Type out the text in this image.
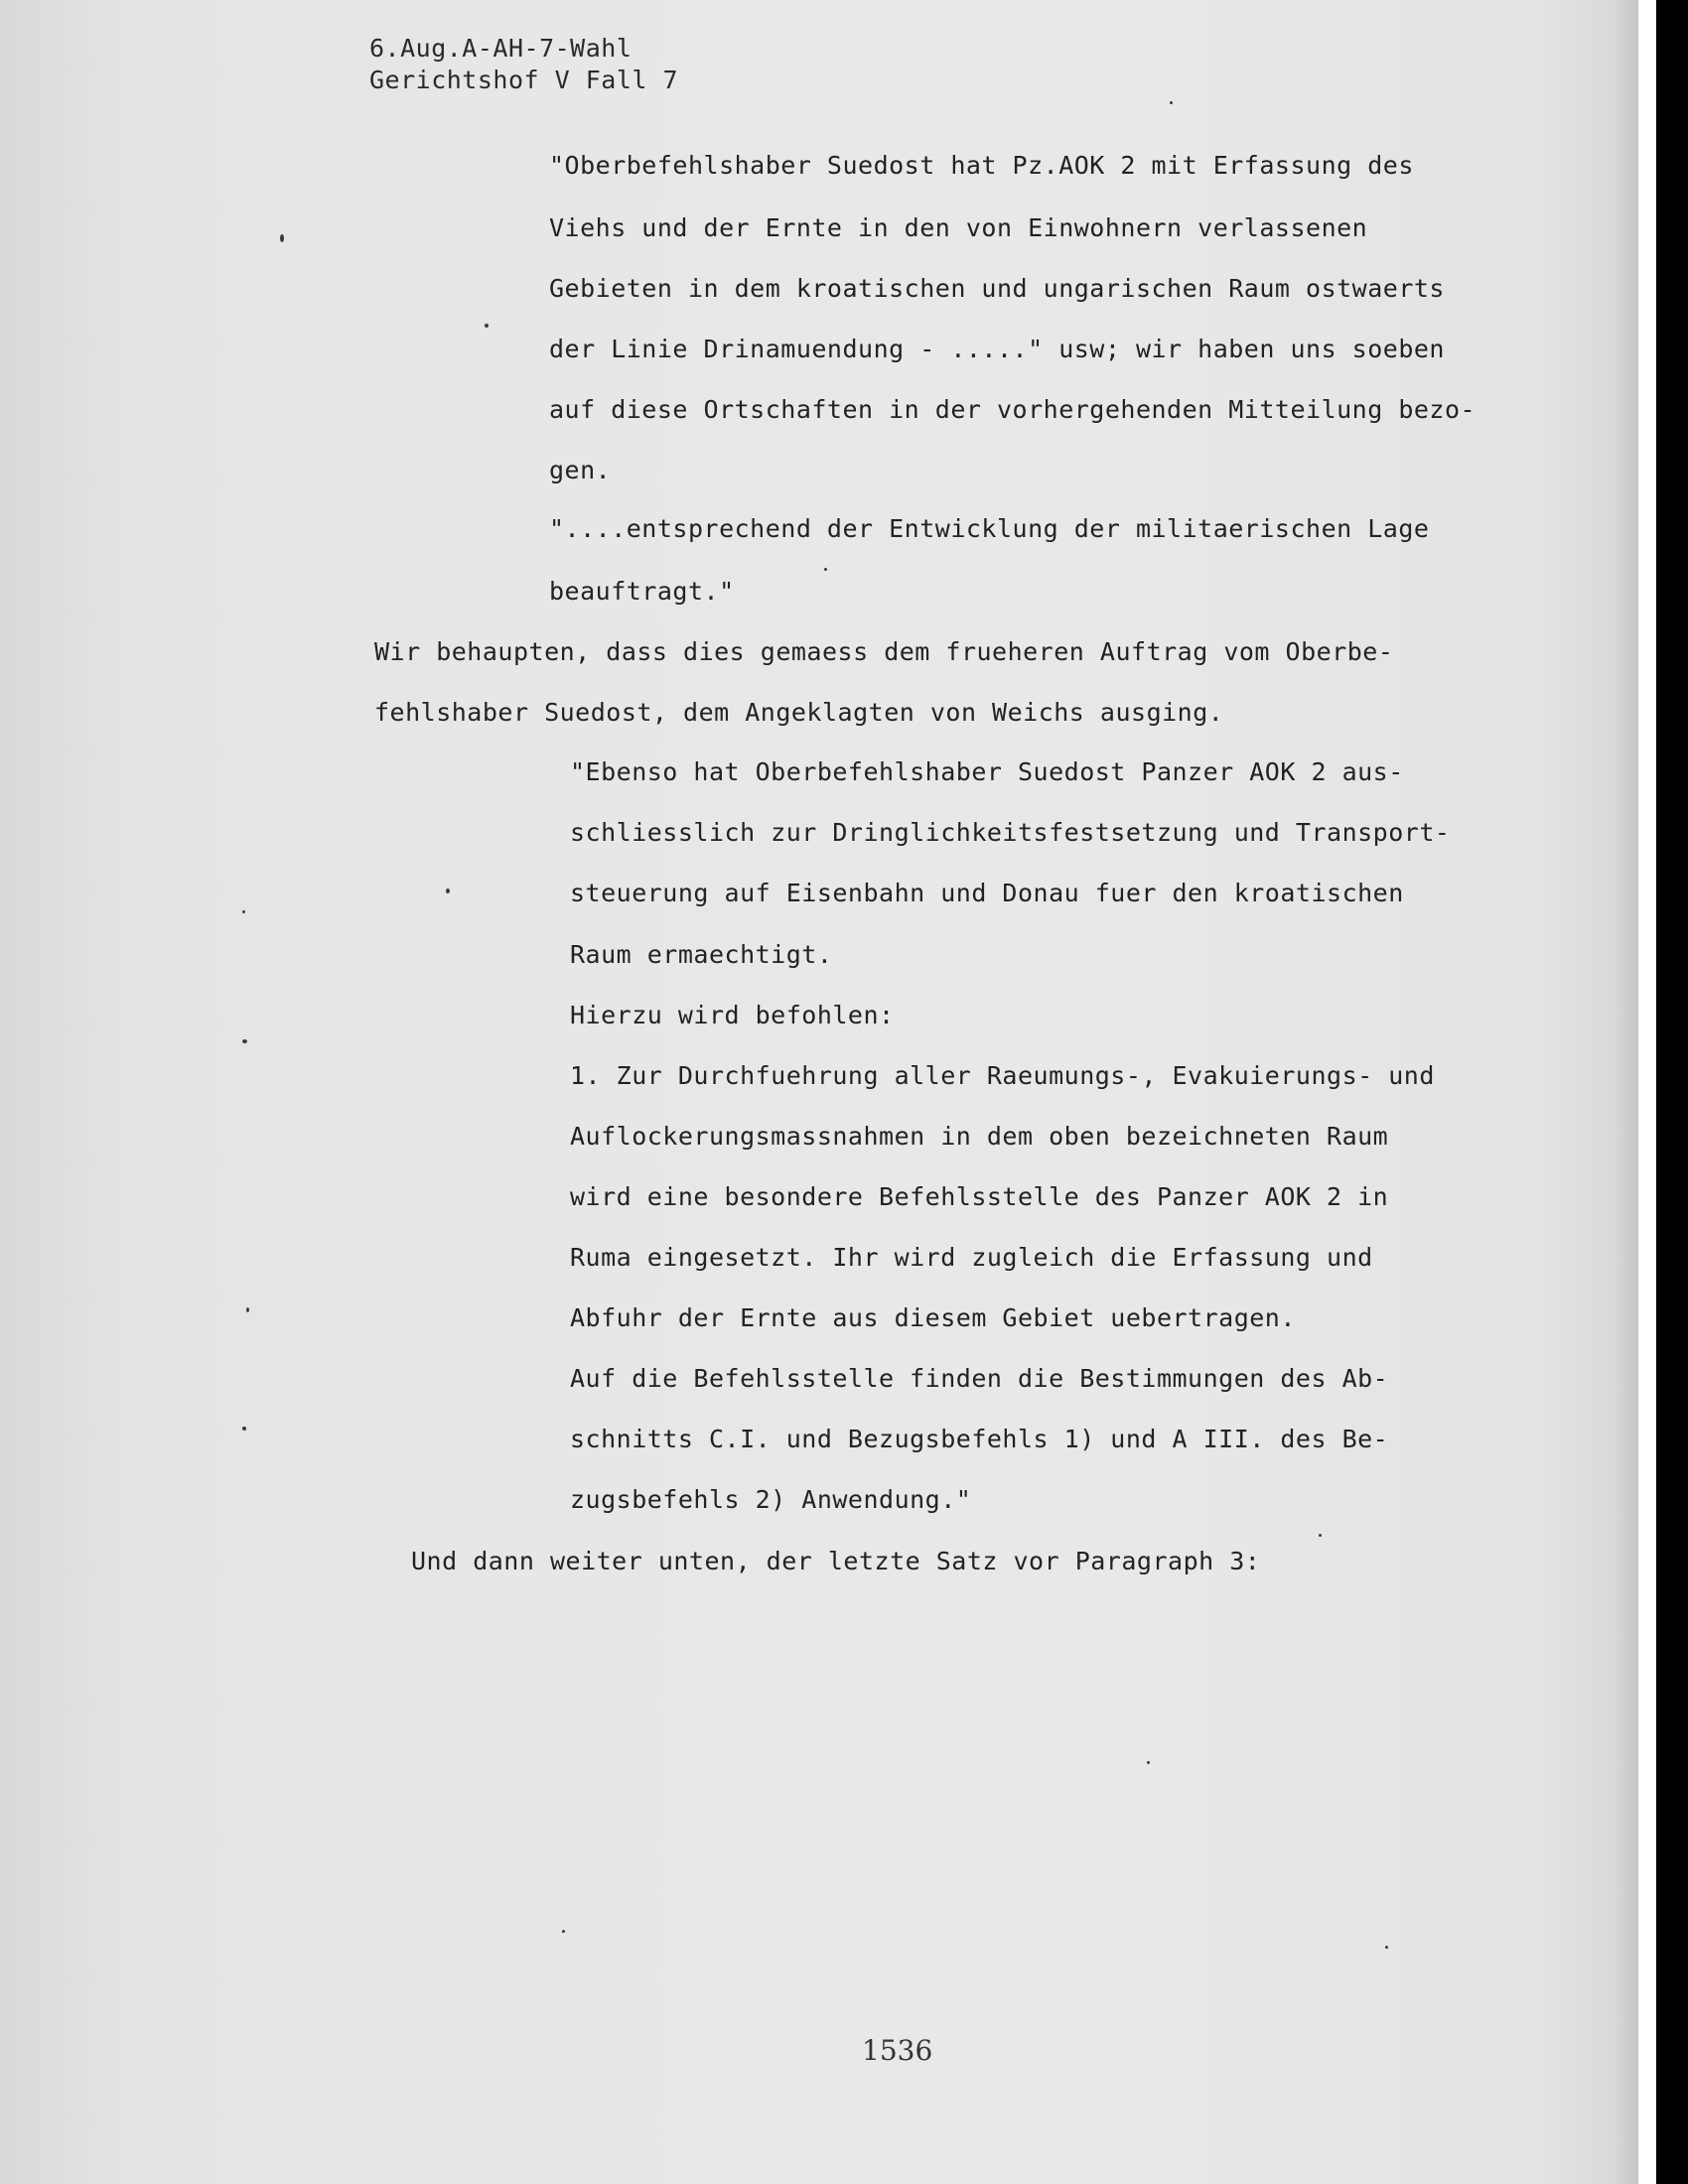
6.Aug.A-AH-7-Wahl
Gerichtshof V Fall 7
"Oberbefehlshaber Suedost hat Pz.AOK 2 mit Erfassung des
Viehs und der Ernte in den von Einwohnern verlassenen
Gebieten in dem kroatischen und ungarischen Raum ostwaerts
der Linie Drinamuendung - ....." usw; wir haben uns soeben
auf diese Ortschaften in der vorhergehenden Mitteilung bezo-
gen.
"....entsprechend der Entwicklung der militaerischen Lage
beauftragt."
Wir behaupten, dass dies gemaess dem frueheren Auftrag vom Oberbe-
fehlshaber Suedost, dem Angeklagten von Weichs ausging.
"Ebenso hat Oberbefehlshaber Suedost Panzer AOK 2 aus-
schliesslich zur Dringlichkeitsfestsetzung und Transport-
steuerung auf Eisenbahn und Donau fuer den kroatischen
Raum ermaechtigt.
Hierzu wird befohlen:
1. Zur Durchfuehrung aller Raeumungs-, Evakuierungs- und
Auflockerungsmassnahmen in dem oben bezeichneten Raum
wird eine besondere Befehlsstelle des Panzer AOK 2 in
Ruma eingesetzt. Ihr wird zugleich die Erfassung und
Abfuhr der Ernte aus diesem Gebiet uebertragen.
Auf die Befehlsstelle finden die Bestimmungen des Ab-
schnitts C.I. und Bezugsbefehls 1) und A III. des Be-
zugsbefehls 2) Anwendung."
Und dann weiter unten, der letzte Satz vor Paragraph 3:
1536
